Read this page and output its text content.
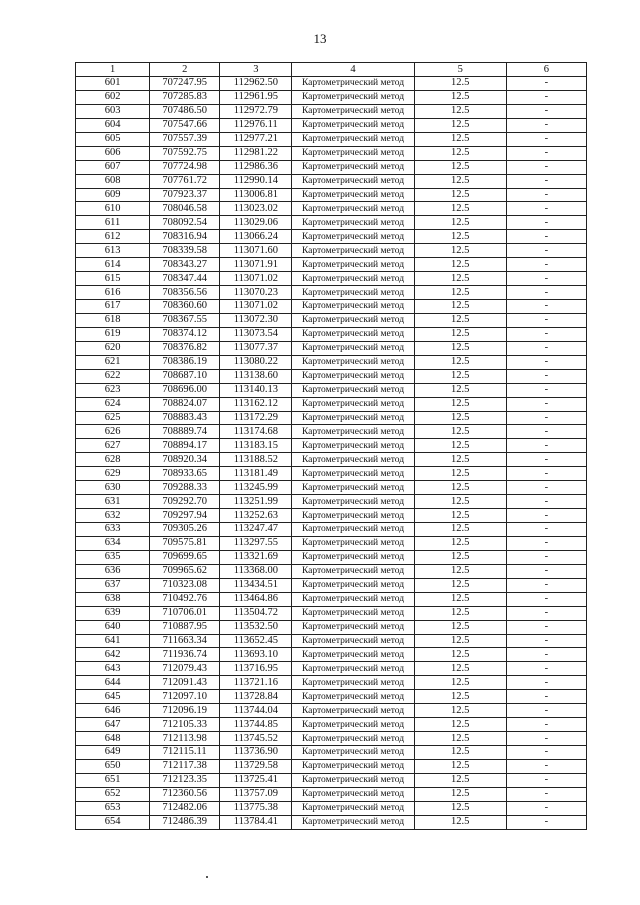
13
1	2	3	4	5	6
601	707247.95	112962.50	Картометрический метод	12.5	-
602	707285.83	112961.95	Картометрический метод	12.5	-
603	707486.50	112972.79	Картометрический метод	12.5	-
604	707547.66	112976.11	Картометрический метод	12.5	-
605	707557.39	112977.21	Картометрический метод	12.5	-
606	707592.75	112981.22	Картометрический метод	12.5	-
607	707724.98	112986.36	Картометрический метод	12.5	-
608	707761.72	112990.14	Картометрический метод	12.5	-
609	707923.37	113006.81	Картометрический метод	12.5	-
610	708046.58	113023.02	Картометрический метод	12.5	-
611	708092.54	113029.06	Картометрический метод	12.5	-
612	708316.94	113066.24	Картометрический метод	12.5	-
613	708339.58	113071.60	Картометрический метод	12.5	-
614	708343.27	113071.91	Картометрический метод	12.5	-
615	708347.44	113071.02	Картометрический метод	12.5	-
616	708356.56	113070.23	Картометрический метод	12.5	-
617	708360.60	113071.02	Картометрический метод	12.5	-
618	708367.55	113072.30	Картометрический метод	12.5	-
619	708374.12	113073.54	Картометрический метод	12.5	-
620	708376.82	113077.37	Картометрический метод	12.5	-
621	708386.19	113080.22	Картометрический метод	12.5	-
622	708687.10	113138.60	Картометрический метод	12.5	-
623	708696.00	113140.13	Картометрический метод	12.5	-
624	708824.07	113162.12	Картометрический метод	12.5	-
625	708883.43	113172.29	Картометрический метод	12.5	-
626	708889.74	113174.68	Картометрический метод	12.5	-
627	708894.17	113183.15	Картометрический метод	12.5	-
628	708920.34	113188.52	Картометрический метод	12.5	-
629	708933.65	113181.49	Картометрический метод	12.5	-
630	709288.33	113245.99	Картометрический метод	12.5	-
631	709292.70	113251.99	Картометрический метод	12.5	-
632	709297.94	113252.63	Картометрический метод	12.5	-
633	709305.26	113247.47	Картометрический метод	12.5	-
634	709575.81	113297.55	Картометрический метод	12.5	-
635	709699.65	113321.69	Картометрический метод	12.5	-
636	709965.62	113368.00	Картометрический метод	12.5	-
637	710323.08	113434.51	Картометрический метод	12.5	-
638	710492.76	113464.86	Картометрический метод	12.5	-
639	710706.01	113504.72	Картометрический метод	12.5	-
640	710887.95	113532.50	Картометрический метод	12.5	-
641	711663.34	113652.45	Картометрический метод	12.5	-
642	711936.74	113693.10	Картометрический метод	12.5	-
643	712079.43	113716.95	Картометрический метод	12.5	-
644	712091.43	113721.16	Картометрический метод	12.5	-
645	712097.10	113728.84	Картометрический метод	12.5	-
646	712096.19	113744.04	Картометрический метод	12.5	-
647	712105.33	113744.85	Картометрический метод	12.5	-
648	712113.98	113745.52	Картометрический метод	12.5	-
649	712115.11	113736.90	Картометрический метод	12.5	-
650	712117.38	113729.58	Картометрический метод	12.5	-
651	712123.35	113725.41	Картометрический метод	12.5	-
652	712360.56	113757.09	Картометрический метод	12.5	-
653	712482.06	113775.38	Картометрический метод	12.5	-
654	712486.39	113784.41	Картометрический метод	12.5	-
